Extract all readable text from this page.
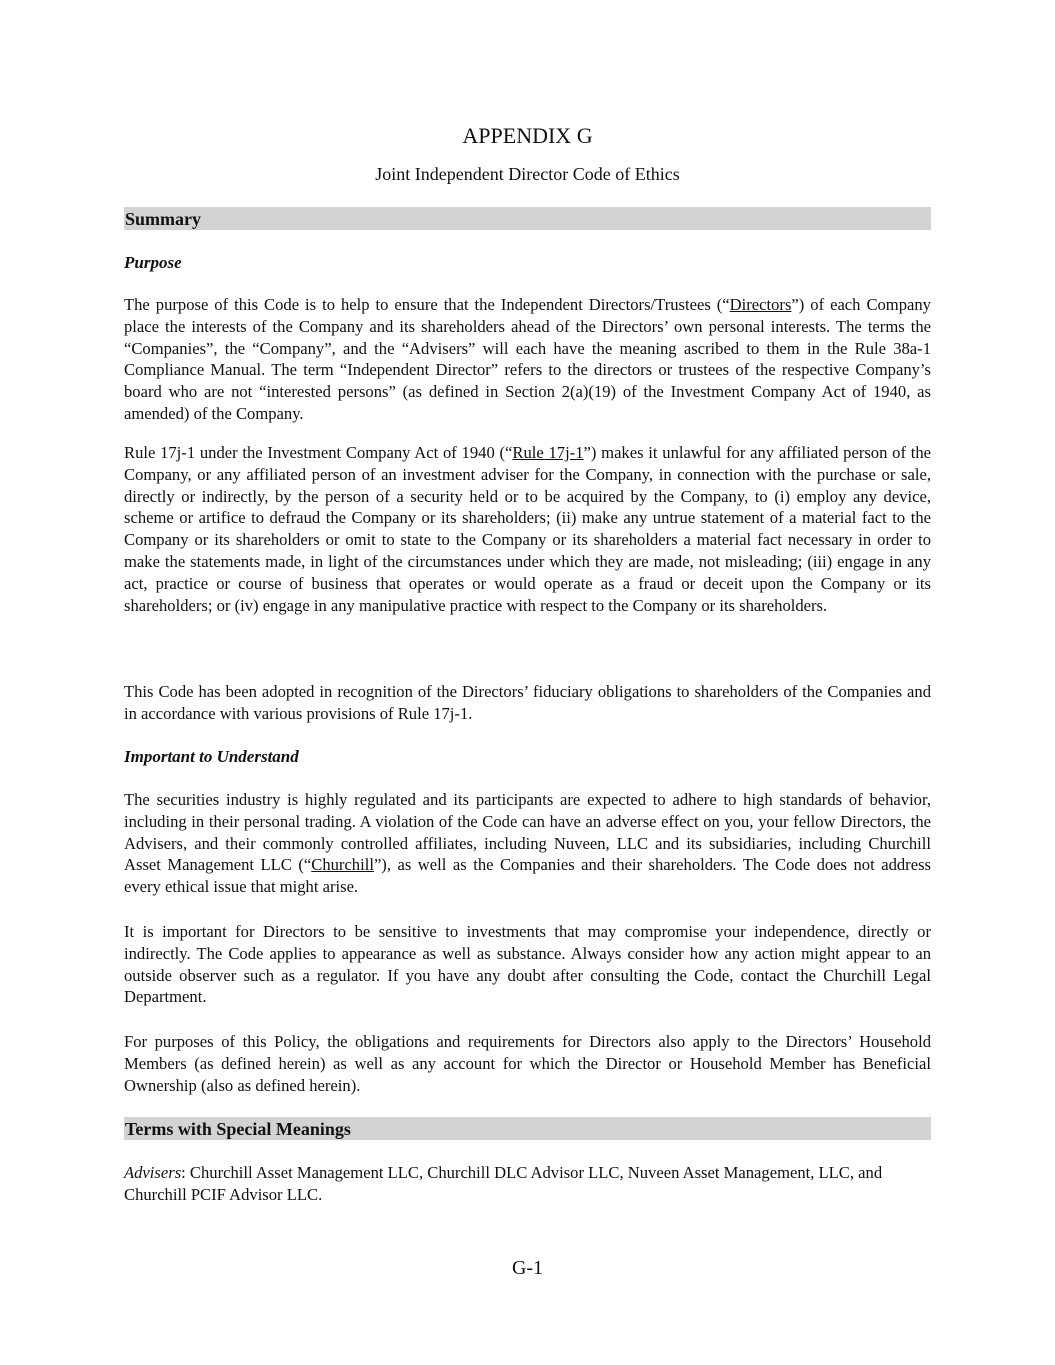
APPENDIX G
Joint Independent Director Code of Ethics
Summary
Purpose
The purpose of this Code is to help to ensure that the Independent Directors/Trustees (“Directors”) of each Company place the interests of the Company and its shareholders ahead of the Directors’ own personal interests. The terms the “Companies”, the “Company”, and the “Advisers” will each have the meaning ascribed to them in the Rule 38a-1 Compliance Manual. The term “Independent Director” refers to the directors or trustees of the respective Company’s board who are not “interested persons” (as defined in Section 2(a)(19) of the Investment Company Act of 1940, as amended) of the Company.
Rule 17j-1 under the Investment Company Act of 1940 (“Rule 17j-1”) makes it unlawful for any affiliated person of the Company, or any affiliated person of an investment adviser for the Company, in connection with the purchase or sale, directly or indirectly, by the person of a security held or to be acquired by the Company, to (i) employ any device, scheme or artifice to defraud the Company or its shareholders; (ii) make any untrue statement of a material fact to the Company or its shareholders or omit to state to the Company or its shareholders a material fact necessary in order to make the statements made, in light of the circumstances under which they are made, not misleading; (iii) engage in any act, practice or course of business that operates or would operate as a fraud or deceit upon the Company or its shareholders; or (iv) engage in any manipulative practice with respect to the Company or its shareholders.
This Code has been adopted in recognition of the Directors’ fiduciary obligations to shareholders of the Companies and in accordance with various provisions of Rule 17j-1.
Important to Understand
The securities industry is highly regulated and its participants are expected to adhere to high standards of behavior, including in their personal trading. A violation of the Code can have an adverse effect on you, your fellow Directors, the Advisers, and their commonly controlled affiliates, including Nuveen, LLC and its subsidiaries, including Churchill Asset Management LLC (“Churchill”), as well as the Companies and their shareholders. The Code does not address every ethical issue that might arise.
It is important for Directors to be sensitive to investments that may compromise your independence, directly or indirectly. The Code applies to appearance as well as substance. Always consider how any action might appear to an outside observer such as a regulator. If you have any doubt after consulting the Code, contact the Churchill Legal Department.
For purposes of this Policy, the obligations and requirements for Directors also apply to the Directors’ Household Members (as defined herein) as well as any account for which the Director or Household Member has Beneficial Ownership (also as defined herein).
Terms with Special Meanings
Advisers: Churchill Asset Management LLC, Churchill DLC Advisor LLC, Nuveen Asset Management, LLC, and Churchill PCIF Advisor LLC.
G-1
